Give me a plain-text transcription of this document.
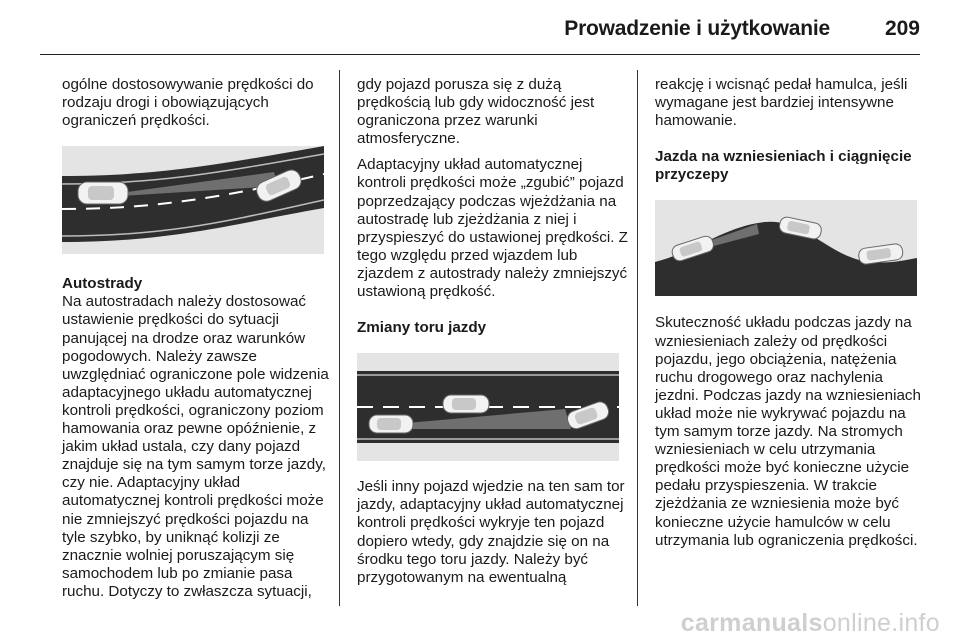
Prowadzenie i użytkowanie	209

ogólne dostosowywanie prędkości do rodzaju drogi i obowiązujących ograniczeń prędkości.

Autostrady

Na autostradach należy dostosować ustawienie prędkości do sytuacji panującej na drodze oraz warunków pogodowych. Należy zawsze uwzględniać ograniczone pole widzenia adaptacyjnego układu automatycznej kontroli prędkości, ograniczony poziom hamowania oraz pewne opóźnienie, z jakim układ ustala, czy dany pojazd znajduje się na tym samym torze jazdy, czy nie. Adaptacyjny układ automatycznej kontroli prędkości może nie zmniejszyć prędkości pojazdu na tyle szybko, by uniknąć kolizji ze znacznie wolniej poruszającym się samochodem lub po zmianie pasa ruchu. Dotyczy to zwłaszcza sytuacji,

gdy pojazd porusza się z dużą prędkością lub gdy widoczność jest ograniczona przez warunki atmosferyczne.

Adaptacyjny układ automatycznej kontroli prędkości może „zgubić” pojazd poprzedzający podczas wjeżdżania na autostradę lub zjeżdżania z niej i przyspieszyć do ustawionej prędkości. Z tego względu przed wjazdem lub zjazdem z autostrady należy zmniejszyć ustawioną prędkość.

Zmiany toru jazdy

Jeśli inny pojazd wjedzie na ten sam tor jazdy, adaptacyjny układ automatycznej kontroli prędkości wykryje ten pojazd dopiero wtedy, gdy znajdzie się on na środku tego toru jazdy. Należy być przygotowanym na ewentualną

reakcję i wcisnąć pedał hamulca, jeśli wymagane jest bardziej intensywne hamowanie.

Jazda na wzniesieniach i ciągnięcie przyczepy

Skuteczność układu podczas jazdy na wzniesieniach zależy od prędkości pojazdu, jego obciążenia, natężenia ruchu drogowego oraz nachylenia jezdni. Podczas jazdy na wzniesieniach układ może nie wykrywać pojazdu na tym samym torze jazdy. Na stromych wzniesieniach w celu utrzymania prędkości może być konieczne użycie pedału przyspieszenia. W trakcie zjeżdżania ze wzniesienia może być konieczne użycie hamulców w celu utrzymania lub ograniczenia prędkości.

carmanualsonline.info
